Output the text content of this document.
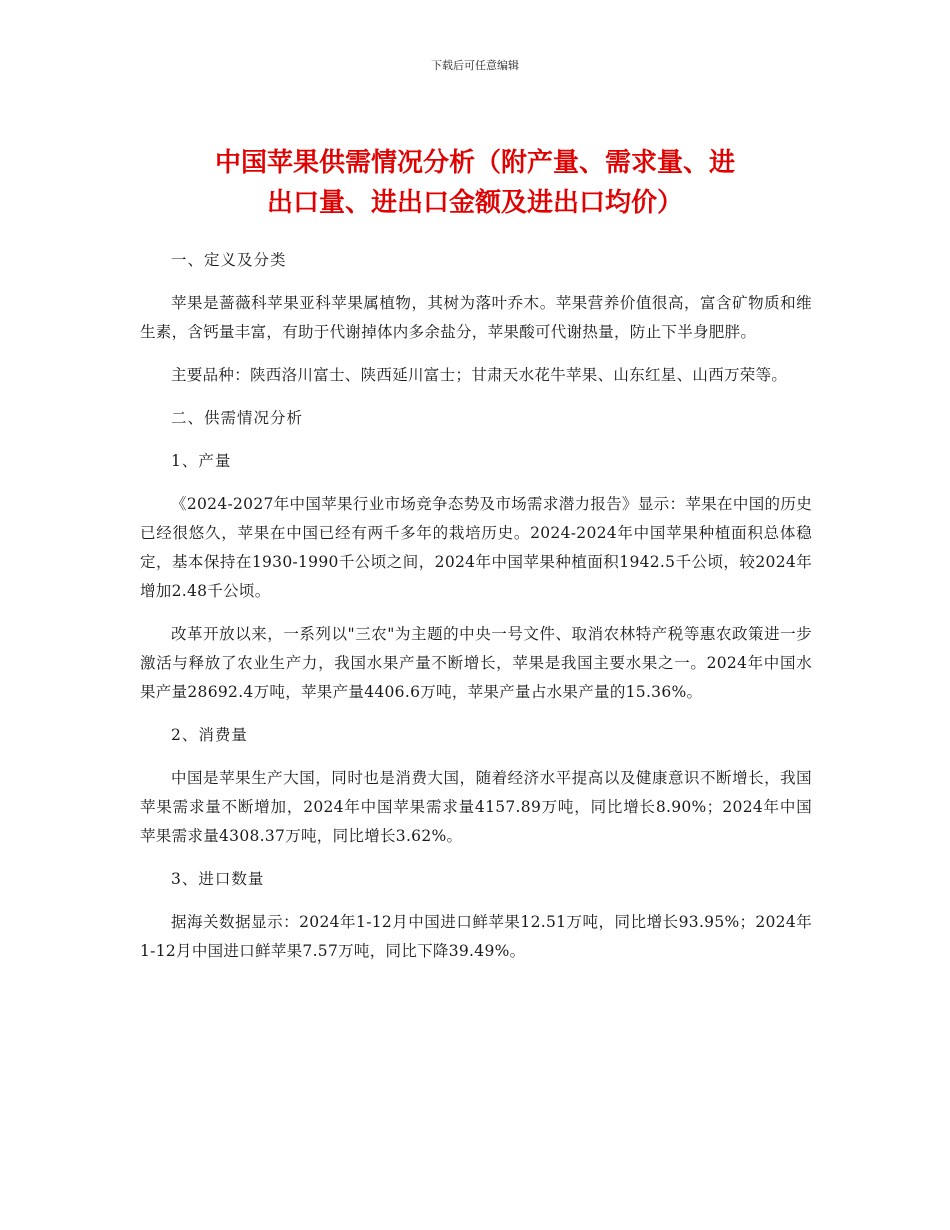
下载后可任意编辑
中国苹果供需情况分析（附产量、需求量、进
出口量、进出口金额及进出口均价）

一、定义及分类

苹果是蔷薇科苹果亚科苹果属植物，其树为落叶乔木。苹果营养价值很高，富含矿物质和维生素，含钙量丰富，有助于代谢掉体内多余盐分，苹果酸可代谢热量，防止下半身肥胖。

主要品种：陕西洛川富士、陕西延川富士；甘肃天水花牛苹果、山东红星、山西万荣等。

二、供需情况分析

1、产量

《2024-2027年中国苹果行业市场竞争态势及市场需求潜力报告》显示：苹果在中国的历史已经很悠久，苹果在中国已经有两千多年的栽培历史。2024-2024年中国苹果种植面积总体稳定，基本保持在1930-1990千公顷之间，2024年中国苹果种植面积1942.5千公顷，较2024年增加2.48千公顷。

改革开放以来，一系列以"三农"为主题的中央一号文件、取消农林特产税等惠农政策进一步激活与释放了农业生产力，我国水果产量不断增长，苹果是我国主要水果之一。2024年中国水果产量28692.4万吨，苹果产量4406.6万吨，苹果产量占水果产量的15.36%。

2、消费量

中国是苹果生产大国，同时也是消费大国，随着经济水平提高以及健康意识不断增长，我国苹果需求量不断增加，2024年中国苹果需求量4157.89万吨，同比增长8.90%；2024年中国苹果需求量4308.37万吨，同比增长3.62%。

3、进口数量

据海关数据显示：2024年1-12月中国进口鲜苹果12.51万吨，同比增长93.95%；2024年1-12月中国进口鲜苹果7.57万吨，同比下降39.49%。
